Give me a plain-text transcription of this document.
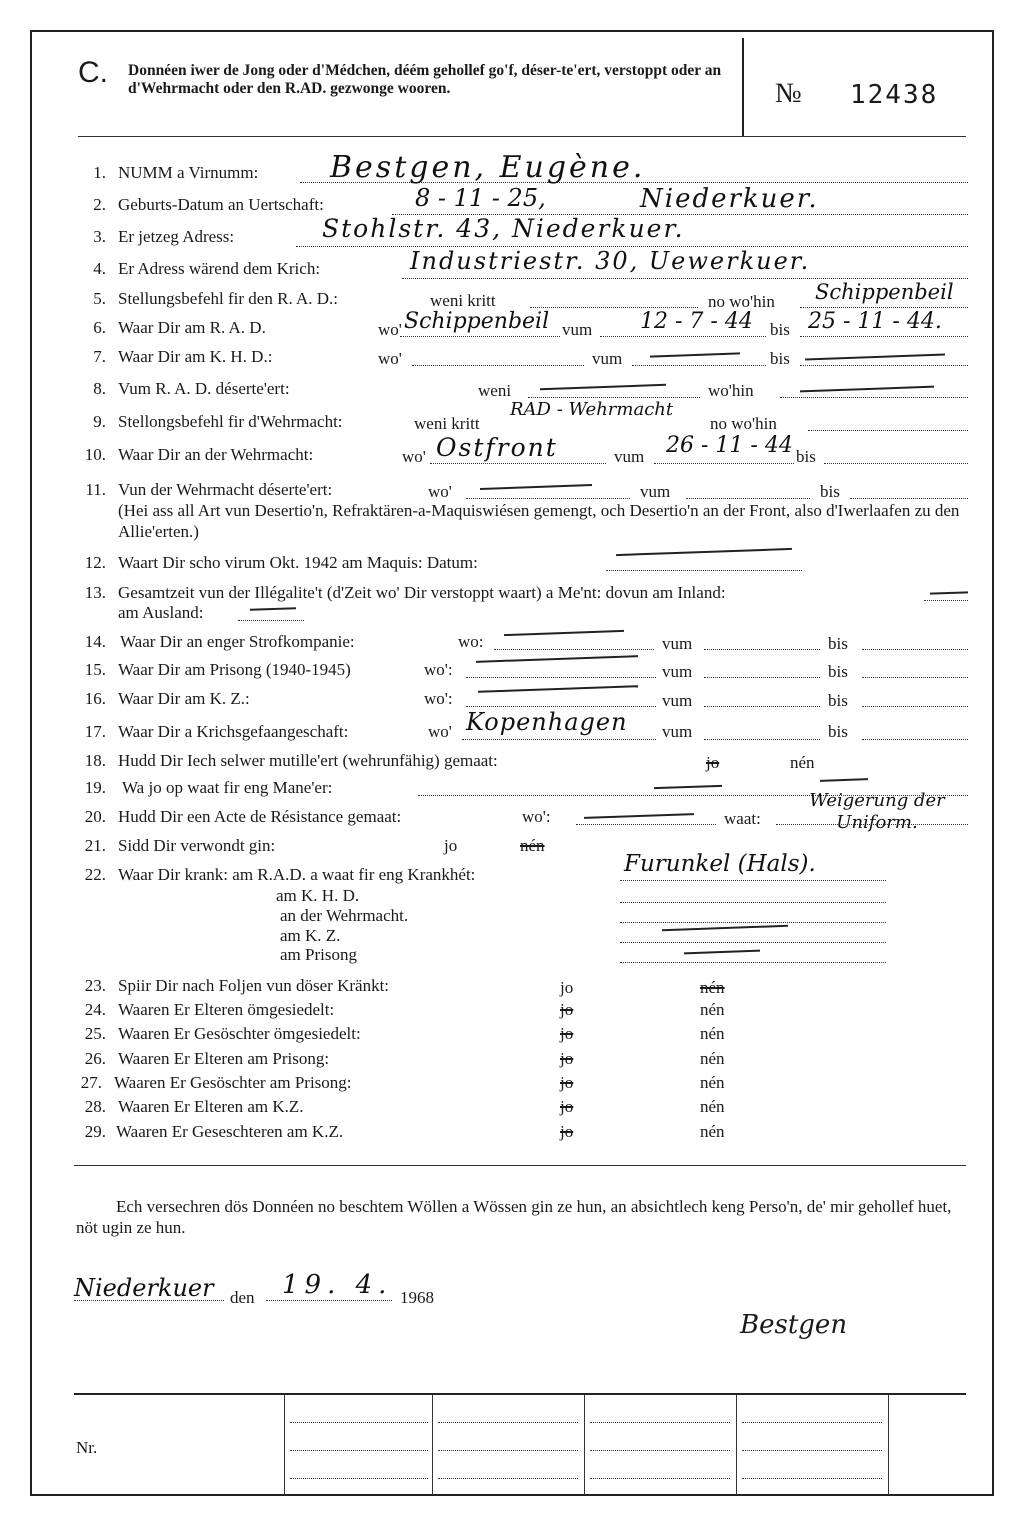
C. Donnéen iwer de Jong oder d'Médchen, déém gehollef go'f, déser-te'ert, verstoppt oder an d'Wehrmacht oder den R.AD. gezwonge wooren.	№ 12438
1. NUMM a Virnumm: Bestgen, Eugène.
2. Geburts-Datum an Uertschaft:	8 - 11 - 25,	Niederkuer.
3. Er jetzeg Adress:	Stohlstr. 43, Niederkuer.
4. Er Adress wärend dem Krich:	Industriestr. 30, Uewerkuer.
5. Stellungsbefehl fir den R. A. D.:	weni kritt	no wo'hin Schippenbeil
6. Waar Dir am R. A. D.	wo' Schippenbeil vum 12 - 7 - 44 bis 25 - 11 - 44.
7. Waar Dir am K. H. D.:	wo'	vum	bis
8. Vum R. A. D. déserte'ert:	weni	wo'hin
9. Stellongsbefehl fir d'Wehrmacht:	weni kritt
RAD - Wehrmacht
no wo'hin
10. Waar Dir an der Wehrmacht:	wo' Ostfront	vum 26 - 11 - 44 bis
11. Vun der Wehrmacht déserte'ert:	wo'	vum	bis
(Hei ass all Art vun Desertio'n, Refraktären-a-Maquiswiésen gemengt, och Desertio'n an der Front, also d'Iwerlaafen zu den Allie'erten.)
12. Waart Dir scho virum Okt. 1942 am Maquis: Datum:
13. Gesamtzeit vun der Illégalite't (d'Zeit wo' Dir verstoppt waart) a Me'nt: dovun am Inland:
am Ausland:
14. Waar Dir an enger Strofkompanie:	wo:	vum	bis
15. Waar Dir am Prisong (1940-1945)	wo':	vum	bis
16. Waar Dir am K. Z.:	wo':	vum	bis
17. Waar Dir a Krichsgefaangeschaft:	wo' Kopenhagen vum	bis
18. Hudd Dir Iech selwer mutille'ert (wehrunfähig) gemaat:	jo	nén
19. Wa jo op waat fir eng Mane'er:
20. Hudd Dir een Acte de Résistance gemaat:	wo':	waat:
Weigerung der Uniform.
21. Sidd Dir verwondt gin:	jo	nén
22. Waar Dir krank: am R.A.D. a waat fir eng Krankhét:	Furunkel (Hals).
am K. H. D.
an der Wehrmacht.
am K. Z.
am Prisong
23. Spiir Dir nach Foljen vun döser Kränkt:	jo	nén
24. Waaren Er Elteren ömgesiedelt:	jo	nén
25. Waaren Er Gesöschter ömgesiedelt:	jo	nén
26. Waaren Er Elteren am Prisong:	jo	nén
27. Waaren Er Gesöschter am Prisong:	jo	nén
28. Waaren Er Elteren am K.Z.	jo	nén
29. Waaren Er Geseschteren am K.Z.	jo	nén
Ech versechren dös Donnéen no beschtem Wöllen a Wössen gin ze hun, an absichtlech keng Perso'n, de' mir gehollef huet, nöt ugin ze hun.
Niederkuer den 19. 4. 1968
Bestgen
Nr.
